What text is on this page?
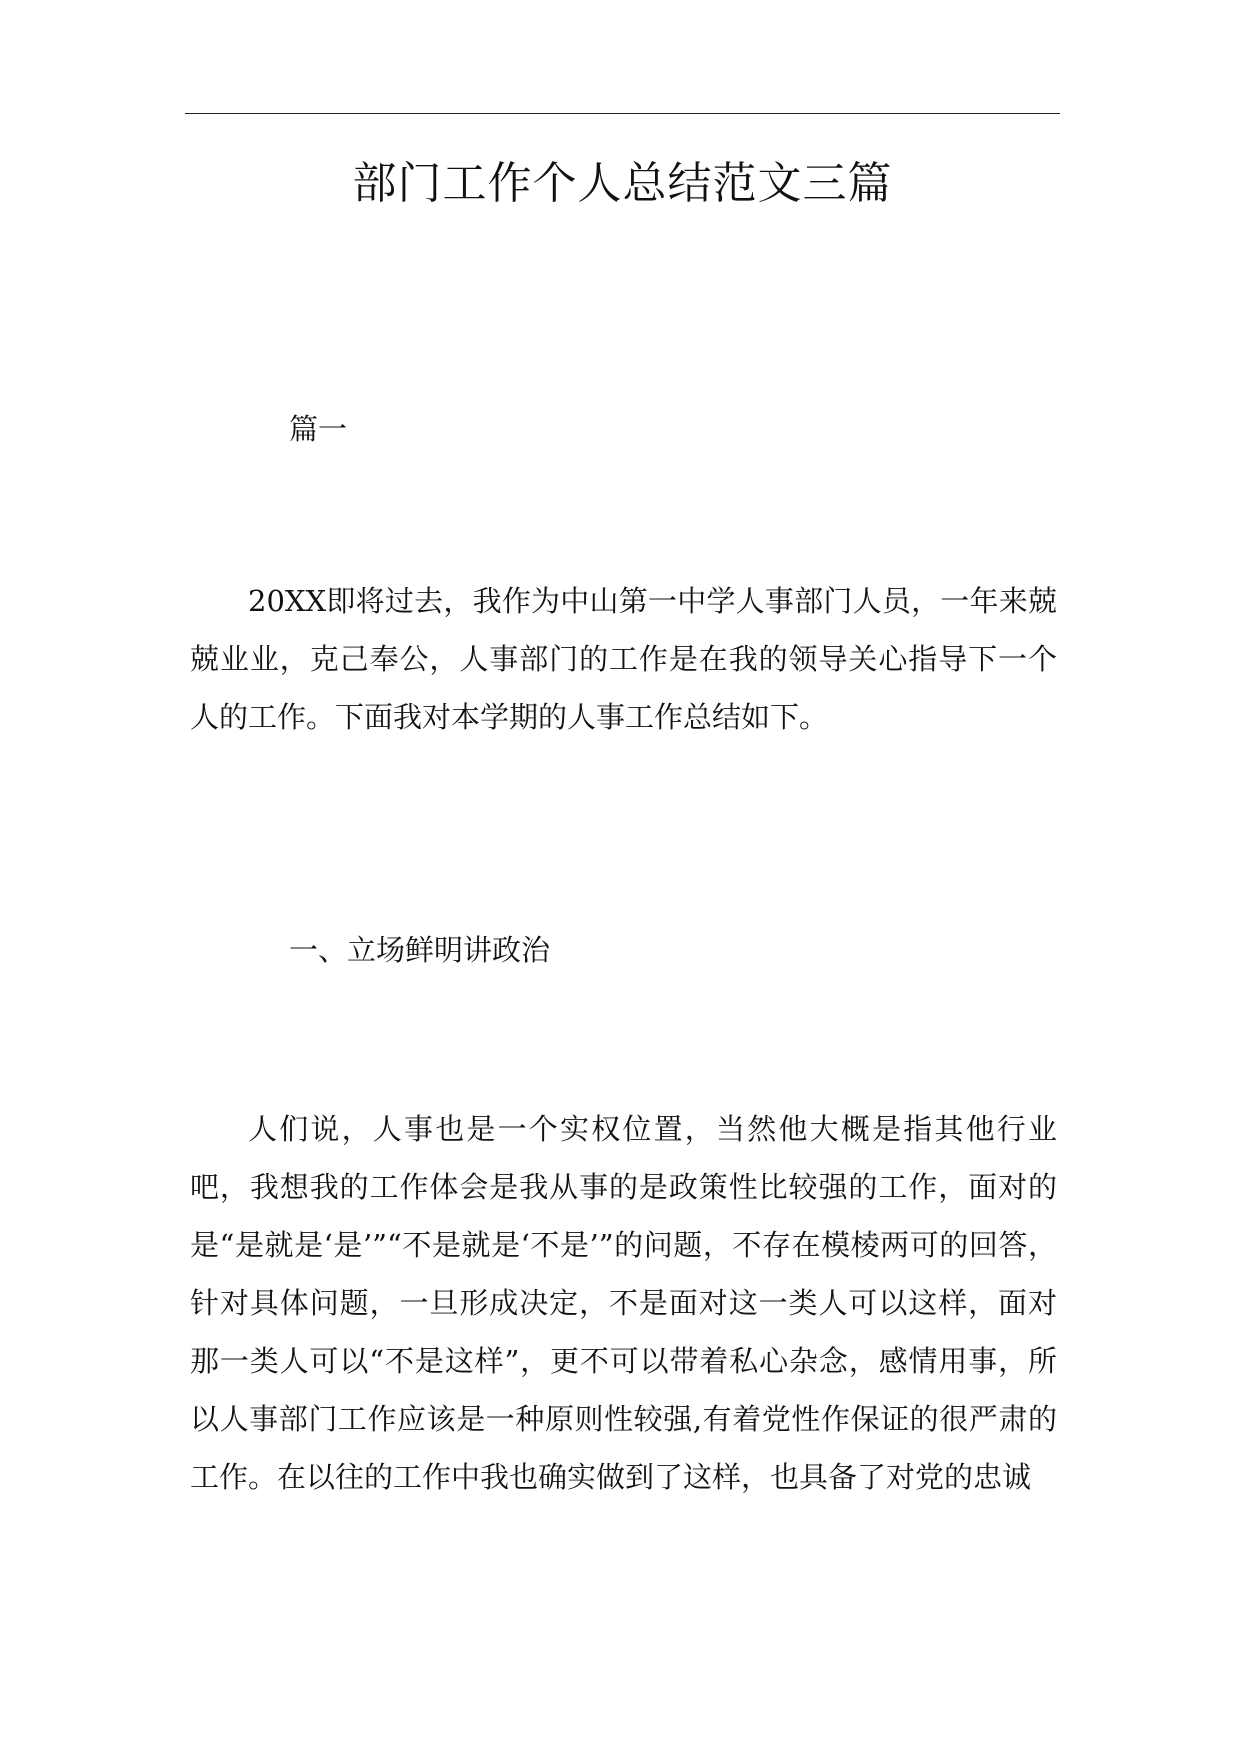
部门工作个人总结范文三篇
篇一

20XX即将过去，我作为中山第一中学人事部门人员，一年来兢兢业业，克己奉公，人事部门的工作是在我的领导关心指导下一个人的工作。下面我对本学期的人事工作总结如下。

一、立场鲜明讲政治

人们说，人事也是一个实权位置，当然他大概是指其他行业吧，我想我的工作体会是我从事的是政策性比较强的工作，面对的是“是就是‘是’”“不是就是‘不是’”的问题，不存在模棱两可的回答，针对具体问题，一旦形成决定，不是面对这一类人可以这样，面对那一类人可以“不是这样”，更不可以带着私心杂念，感情用事，所以人事部门工作应该是一种原则性较强,有着党性作保证的很严肃的工作。在以往的工作中我也确实做到了这样，也具备了对党的忠诚
